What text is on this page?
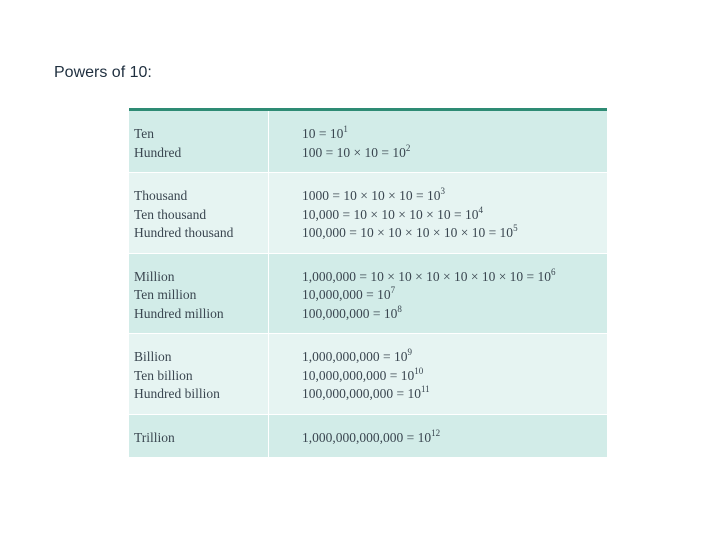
Powers of 10:
Ten
Hundred
$10 = 10^1$
$100 = 10 \times 10 = 10^2$
Thousand
Ten thousand
Hundred thousand
$1000 = 10 \times 10 \times 10 = 10^3$
$10,000 = 10 \times 10 \times 10 \times 10 = 10^4$
$100,000 = 10 \times 10 \times 10 \times 10 \times 10 = 10^5$
Million
Ten million
Hundred million
$1,000,000 = 10 \times 10 \times 10 \times 10 \times 10 \times 10 = 10^6$
$10,000,000 = 10^7$
$100,000,000 = 10^8$
Billion
Ten billion
Hundred billion
$1,000,000,000 = 10^9$
$10,000,000,000 = 10^{10}$
$100,000,000,000 = 10^{11}$
Trillion	$1,000,000,000,000 = 10^{12}$
